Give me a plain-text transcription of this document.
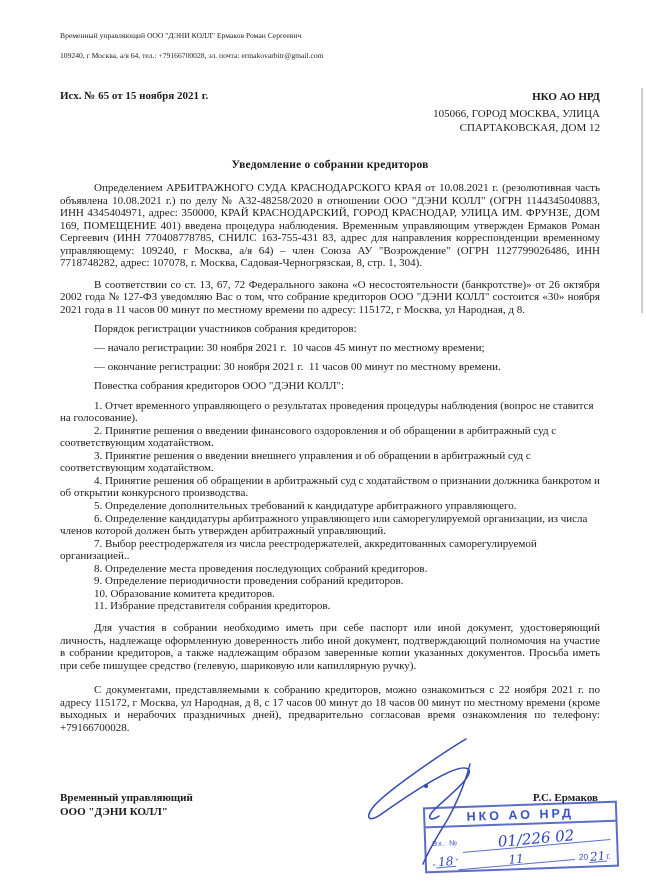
Временный управляющий ООО "ДЭНИ КОЛЛ" Ермаков Роман Сергеевич
109240, г Москва, а/я 64, тел.: +79166700028, эл. почта: ermakovarbitr@gmail.com
Исх. № 65 от 15 ноября 2021 г.	НКО АО НРД
105066, ГОРОД МОСКВА, УЛИЦА СПАРТАКОВСКАЯ, ДОМ 12
Уведомление о собрании кредиторов

Определением АРБИТРАЖНОГО СУДА КРАСНОДАРСКОГО КРАЯ от 10.08.2021 г. (резолютивная часть объявлена 10.08.2021 г.) по делу № А32-48258/2020 в отношении ООО "ДЭНИ КОЛЛ" (ОГРН 1144345040883, ИНН 4345404971, адрес: 350000, КРАЙ КРАСНОДАРСКИЙ, ГОРОД КРАСНОДАР, УЛИЦА ИМ. ФРУНЗЕ, ДОМ 169, ПОМЕЩЕНИЕ 401) введена процедура наблюдения. Временным управляющим утвержден Ермаков Роман Сергеевич (ИНН 770408778785, СНИЛС 163-755-431 83, адрес для направления корреспонденции временному управляющему: 109240, г Москва, а/я 64) – член Союза АУ "Возрождение" (ОГРН 1127799026486, ИНН 7718748282, адрес: 107078, г. Москва, Садовая-Черногрязская, 8, стр. 1, 304).

В соответствии со ст. 13, 67, 72 Федерального закона «О несостоятельности (банкротстве)» от 26 октября 2002 года № 127-ФЗ уведомляю Вас о том, что собрание кредиторов ООО "ДЭНИ КОЛЛ" состоится «30» ноября 2021 года в 11 часов 00 минут по местному времени по адресу: 115172, г Москва, ул Народная, д 8.

Порядок регистрации участников собрания кредиторов:

— начало регистрации: 30 ноября 2021 г.  10 часов 45 минут по местному времени;
— окончание регистрации: 30 ноября 2021 г.  11 часов 00 минут по местному времени.

Повестка собрания кредиторов ООО "ДЭНИ КОЛЛ":

1. Отчет временного управляющего о результатах проведения процедуры наблюдения (вопрос не ставится на голосование).
2. Принятие решения о введении финансового оздоровления и об обращении в арбитражный суд с соответствующим ходатайством.
3. Принятие решения о введении внешнего управления и об обращении в арбитражный суд с соответствующим ходатайством.
4. Принятие решения об обращении в арбитражный суд с ходатайством о признании должника банкротом и об открытии конкурсного производства.
5. Определение дополнительных требований к кандидатуре арбитражного управляющего.
6. Определение кандидатуры арбитражного управляющего или саморегулируемой организации, из числа членов которой должен быть утвержден арбитражный управляющий.
7. Выбор реестродержателя из числа реестродержателей, аккредитованных саморегулируемой организацией..
8. Определение места проведения последующих собраний кредиторов.
9. Определение периодичности проведения собраний кредиторов.
10. Образование комитета кредиторов.
11. Избрание представителя собрания кредиторов.

Для участия в собрании необходимо иметь при себе паспорт или иной документ, удостоверяющий личность, надлежаще оформленную доверенность либо иной документ, подтверждающий полномочия на участие в собрании кредиторов, а также надлежащим образом заверенные копии указанных документов. Просьба иметь при себе пишущее средство (гелевую, шариковую или капиллярную ручку).

С документами, представляемыми к собранию кредиторов, можно ознакомиться с 22 ноября 2021 г. по адресу 115172, г Москва, ул Народная, д 8, с 17 часов 00 минут до 18 часов 00 минут по местному времени (кроме выходных и нерабочих праздничных дней), предварительно согласовав время ознакомления по телефону: +79166700028.

Временный управляющий
ООО "ДЭНИ КОЛЛ"
Р.С. Ермаков
НКО АО НРД
Вх. №	01/226 02
„ 18 ”	11	20 21 г.
